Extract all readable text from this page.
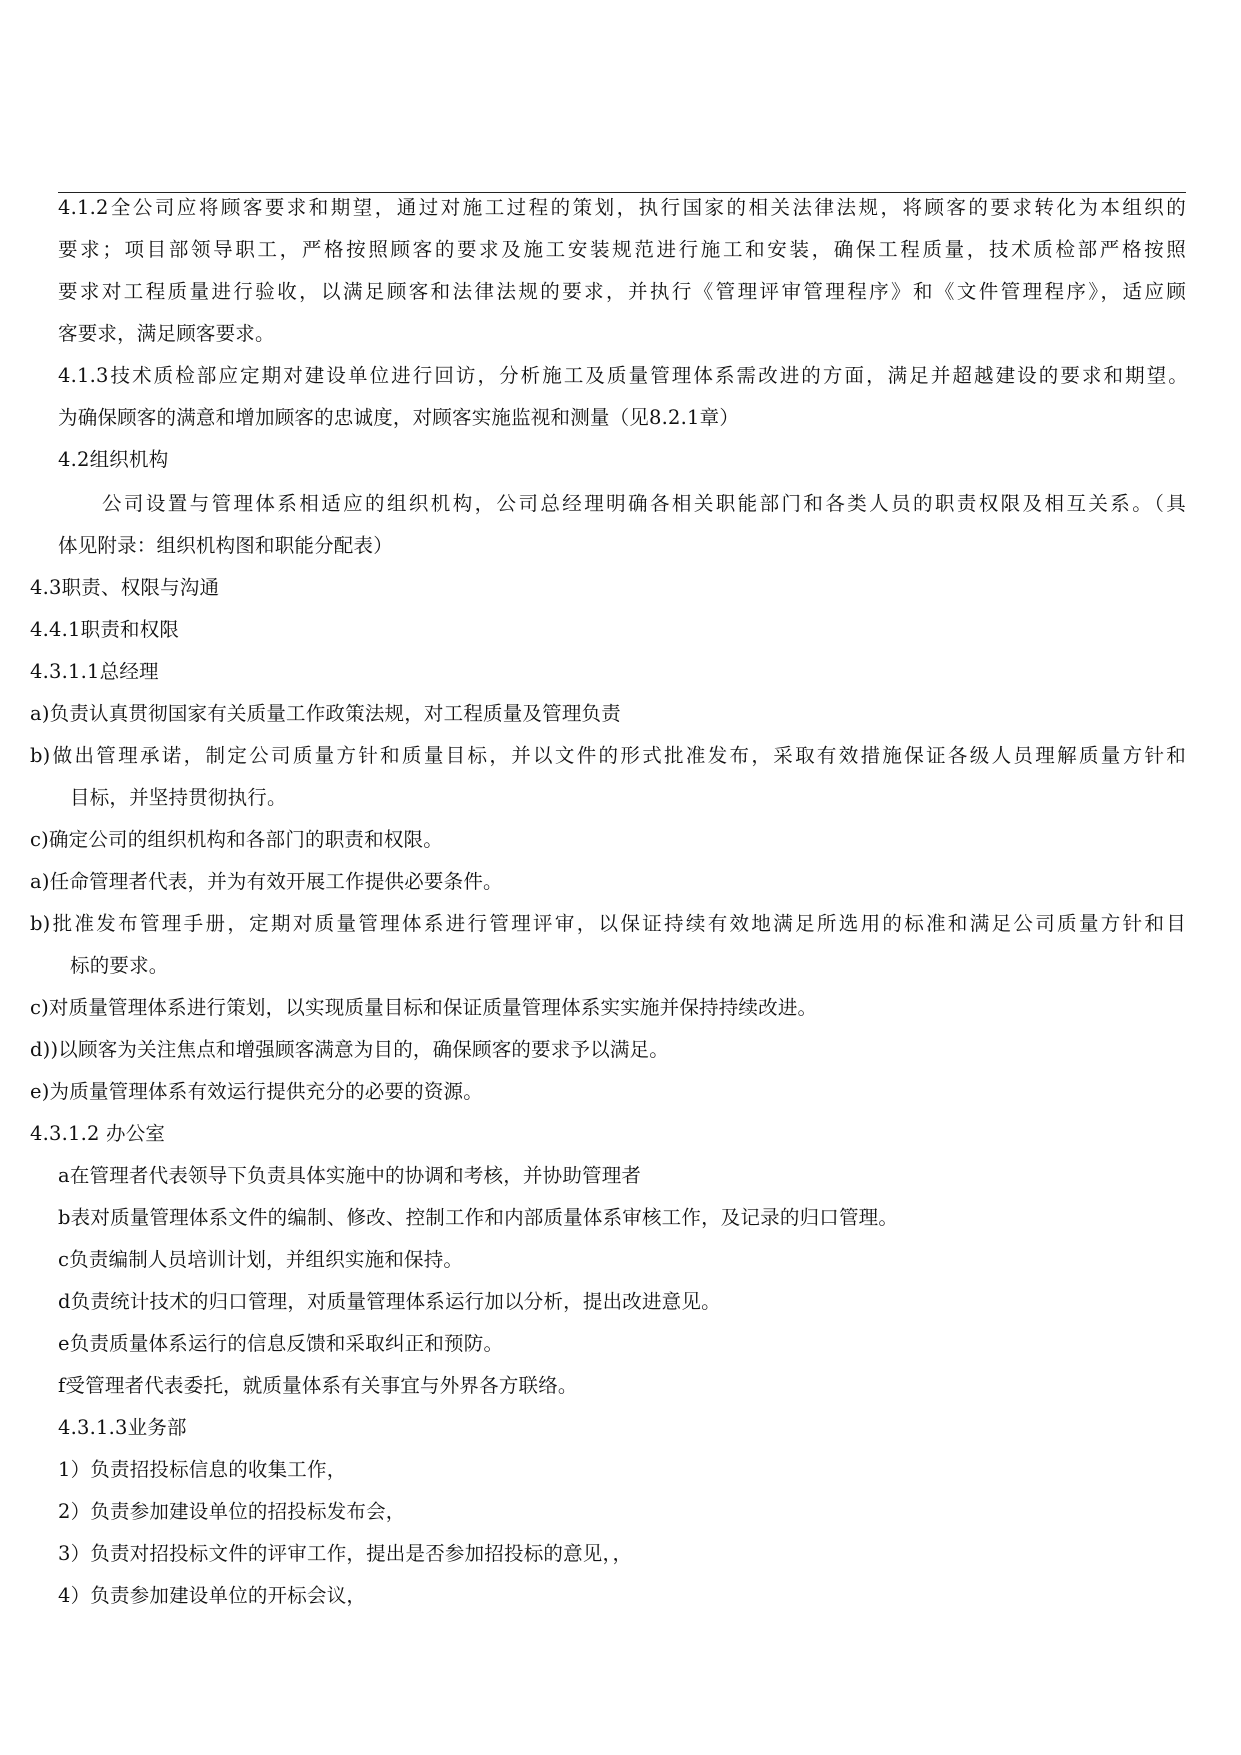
4.1.2全公司应将顾客要求和期望，通过对施工过程的策划，执行国家的相关法律法规，将顾客的要求转化为本组织的
要求；项目部领导职工，严格按照顾客的要求及施工安装规范进行施工和安装，确保工程质量，技术质检部严格按照
要求对工程质量进行验收，以满足顾客和法律法规的要求，并执行《管理评审管理程序》和《文件管理程序》，适应顾
客要求，满足顾客要求。
4.1.3技术质检部应定期对建设单位进行回访，分析施工及质量管理体系需改进的方面，满足并超越建设的要求和期望。
为确保顾客的满意和增加顾客的忠诚度，对顾客实施监视和测量（见8.2.1章）
4.2组织机构
公司设置与管理体系相适应的组织机构，公司总经理明确各相关职能部门和各类人员的职责权限及相互关系。（具
体见附录：组织机构图和职能分配表）
4.3职责、权限与沟通
4.4.1职责和权限
4.3.1.1总经理
a)负责认真贯彻国家有关质量工作政策法规，对工程质量及管理负责
b)做出管理承诺，制定公司质量方针和质量目标，并以文件的形式批准发布，采取有效措施保证各级人员理解质量方针和
目标，并坚持贯彻执行。
c)确定公司的组织机构和各部门的职责和权限。
a)任命管理者代表，并为有效开展工作提供必要条件。
b)批准发布管理手册，定期对质量管理体系进行管理评审，以保证持续有效地满足所选用的标准和满足公司质量方针和目
标的要求。
c)对质量管理体系进行策划，以实现质量目标和保证质量管理体系实实施并保持持续改进。
d))以顾客为关注焦点和增强顾客满意为目的，确保顾客的要求予以满足。
e)为质量管理体系有效运行提供充分的必要的资源。
4.3.1.2 办公室
a在管理者代表领导下负责具体实施中的协调和考核，并协助管理者
b表对质量管理体系文件的编制、修改、控制工作和内部质量体系审核工作，及记录的归口管理。
c负责编制人员培训计划，并组织实施和保持。
d负责统计技术的归口管理，对质量管理体系运行加以分析，提出改进意见。
e负责质量体系运行的信息反馈和采取纠正和预防。
f受管理者代表委托，就质量体系有关事宜与外界各方联络。
4.3.1.3业务部
1）负责招投标信息的收集工作，
2）负责参加建设单位的招投标发布会，
3）负责对招投标文件的评审工作，提出是否参加招投标的意见，，
4）负责参加建设单位的开标会议，
